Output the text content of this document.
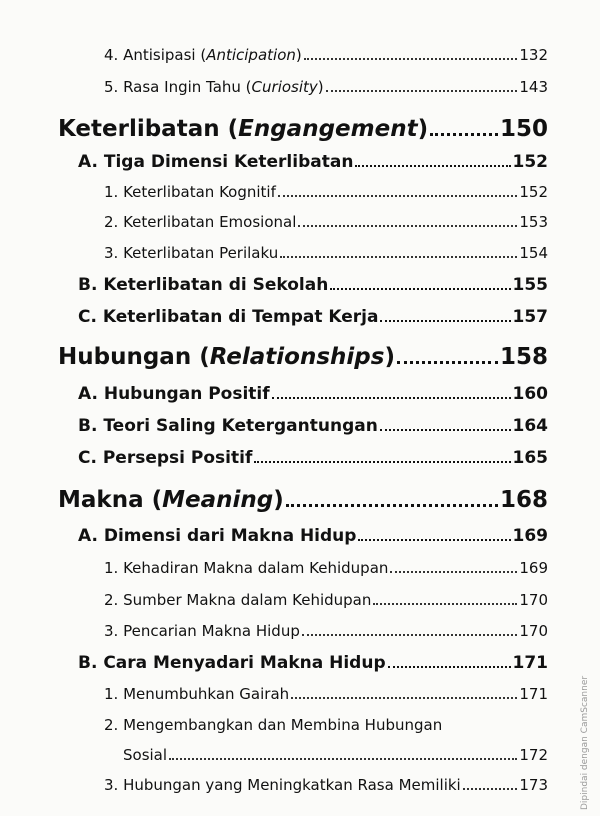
4. Antisipasi (Anticipation)	132
5. Rasa Ingin Tahu (Curiosity)	143
Keterlibatan (Engangement)	150
A. Tiga Dimensi Keterlibatan	152
1. Keterlibatan Kognitif	152
2. Keterlibatan Emosional	153
3. Keterlibatan Perilaku	154
B. Keterlibatan di Sekolah	155
C. Keterlibatan di Tempat Kerja	157
Hubungan (Relationships)	158
A. Hubungan Positif	160
B. Teori Saling Ketergantungan	164
C. Persepsi Positif	165
Makna (Meaning)	168
A. Dimensi dari Makna Hidup	169
1. Kehadiran Makna dalam Kehidupan	169
2. Sumber Makna dalam Kehidupan	170
3. Pencarian Makna Hidup	170
B. Cara Menyadari Makna Hidup	171
1. Menumbuhkan Gairah	171
2. Mengembangkan dan Membina Hubungan
Sosial	172
3. Hubungan yang Meningkatkan Rasa Memiliki	173	Dipindai dengan CamScanner
